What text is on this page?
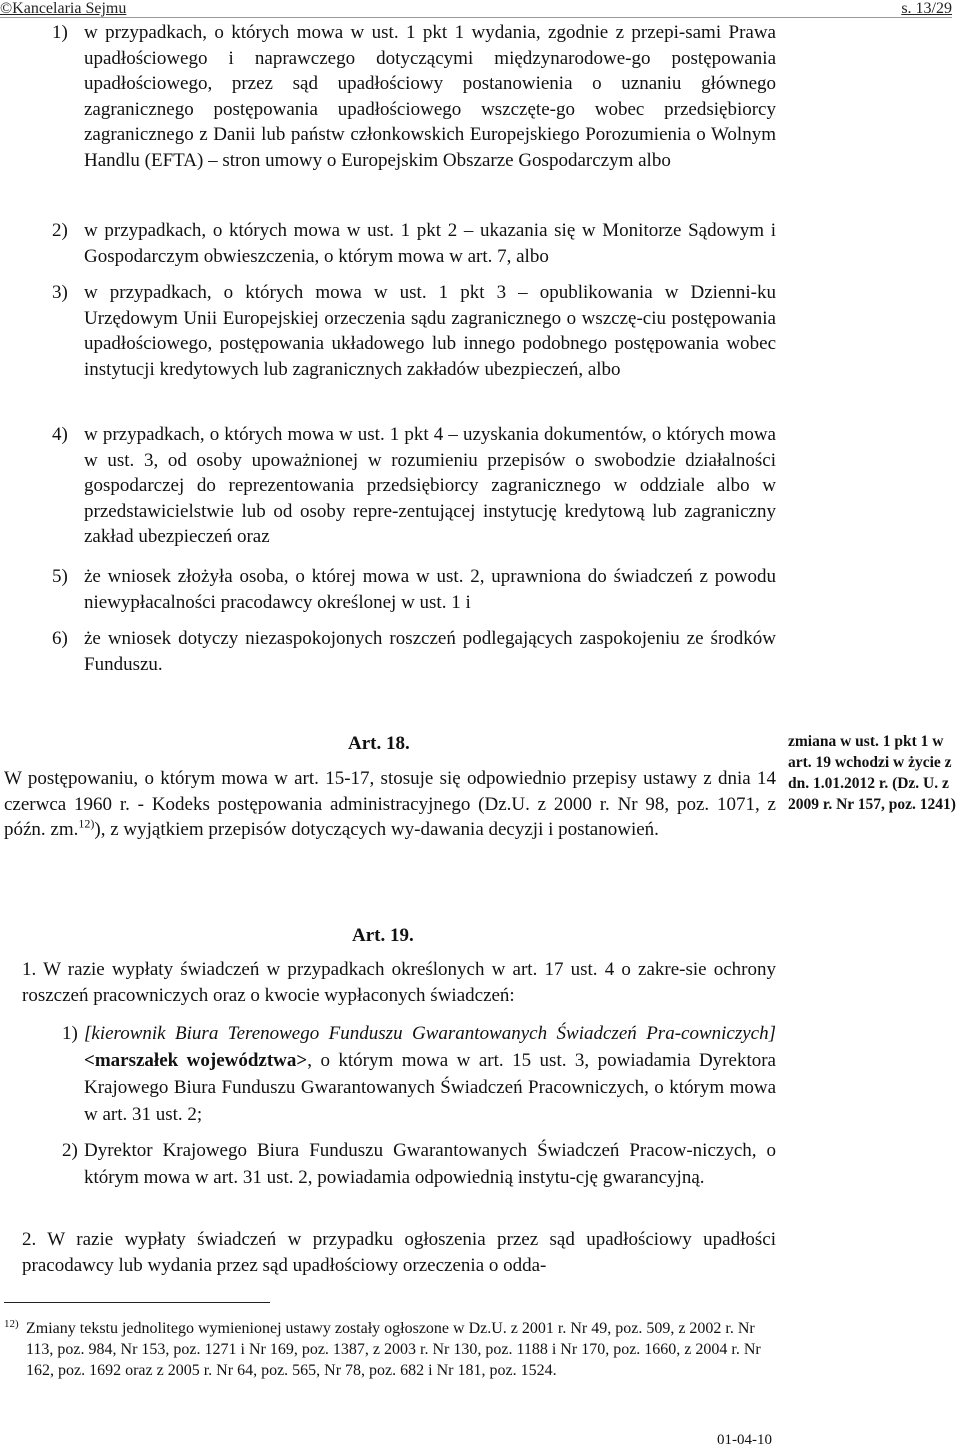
©Kancelaria Sejmu	s. 13/29
1) w przypadkach, o których mowa w ust. 1 pkt 1 wydania, zgodnie z przepi-sami Prawa upadłościowego i naprawczego dotyczącymi międzynarodowe-go postępowania upadłościowego, przez sąd upadłościowy postanowienia o uznaniu głównego zagranicznego postępowania upadłościowego wszczęte-go wobec przedsiębiorcy zagranicznego z Danii lub państw członkowskich Europejskiego Porozumienia o Wolnym Handlu (EFTA) – stron umowy o Europejskim Obszarze Gospodarczym albo
2) w przypadkach, o których mowa w ust. 1 pkt 2 – ukazania się w Monitorze Sądowym i Gospodarczym obwieszczenia, o którym mowa w art. 7, albo
3) w przypadkach, o których mowa w ust. 1 pkt 3 – opublikowania w Dzienni-ku Urzędowym Unii Europejskiej orzeczenia sądu zagranicznego o wszczę-ciu postępowania upadłościowego, postępowania układowego lub innego podobnego postępowania wobec instytucji kredytowych lub zagranicznych zakładów ubezpieczeń, albo
4) w przypadkach, o których mowa w ust. 1 pkt 4 – uzyskania dokumentów, o których mowa w ust. 3, od osoby upoważnionej w rozumieniu przepisów o swobodzie działalności gospodarczej do reprezentowania przedsiębiorcy zagranicznego w oddziale albo w przedstawicielstwie lub od osoby repre-zentującej instytucję kredytową lub zagraniczny zakład ubezpieczeń oraz
5) że wniosek złożyła osoba, o której mowa w ust. 2, uprawniona do świadczeń z powodu niewypłacalności pracodawcy określonej w ust. 1 i
6) że wniosek dotyczy niezaspokojonych roszczeń podlegających zaspokojeniu ze środków Funduszu.
Art. 18.
W postępowaniu, o którym mowa w art. 15-17, stosuje się odpowiednio przepisy ustawy z dnia 14 czerwca 1960 r. - Kodeks postępowania administracyjnego (Dz.U. z 2000 r. Nr 98, poz. 1071, z późn. zm.$^{12)}$), z wyjątkiem przepisów dotyczących wy-dawania decyzji i postanowień.
zmiana w ust. 1 pkt 1 w art. 19 wchodzi w życie z dn. 1.01.2012 r. (Dz. U. z 2009 r. Nr 157, poz. 1241)
Art. 19.
1. W razie wypłaty świadczeń w przypadkach określonych w art. 17 ust. 4 o zakre-sie ochrony roszczeń pracowniczych oraz o kwocie wypłaconych świadczeń:
1) [kierownik Biura Terenowego Funduszu Gwarantowanych Świadczeń Pra-cowniczych] <marszałek województwa>, o którym mowa w art. 15 ust. 3, powiadamia Dyrektora Krajowego Biura Funduszu Gwarantowanych Świadczeń Pracowniczych, o którym mowa w art. 31 ust. 2;
2) Dyrektor Krajowego Biura Funduszu Gwarantowanych Świadczeń Pracow-niczych, o którym mowa w art. 31 ust. 2, powiadamia odpowiednią instytu-cję gwarancyjną.
2. W razie wypłaty świadczeń w przypadku ogłoszenia przez sąd upadłościowy upadłości pracodawcy lub wydania przez sąd upadłościowy orzeczenia o odda-
12) Zmiany tekstu jednolitego wymienionej ustawy zostały ogłoszone w Dz.U. z 2001 r. Nr 49, poz. 509, z 2002 r. Nr 113, poz. 984, Nr 153, poz. 1271 i Nr 169, poz. 1387, z 2003 r. Nr 130, poz. 1188 i Nr 170, poz. 1660, z 2004 r. Nr 162, poz. 1692 oraz z 2005 r. Nr 64, poz. 565, Nr 78, poz. 682 i Nr 181, poz. 1524.
01-04-10
